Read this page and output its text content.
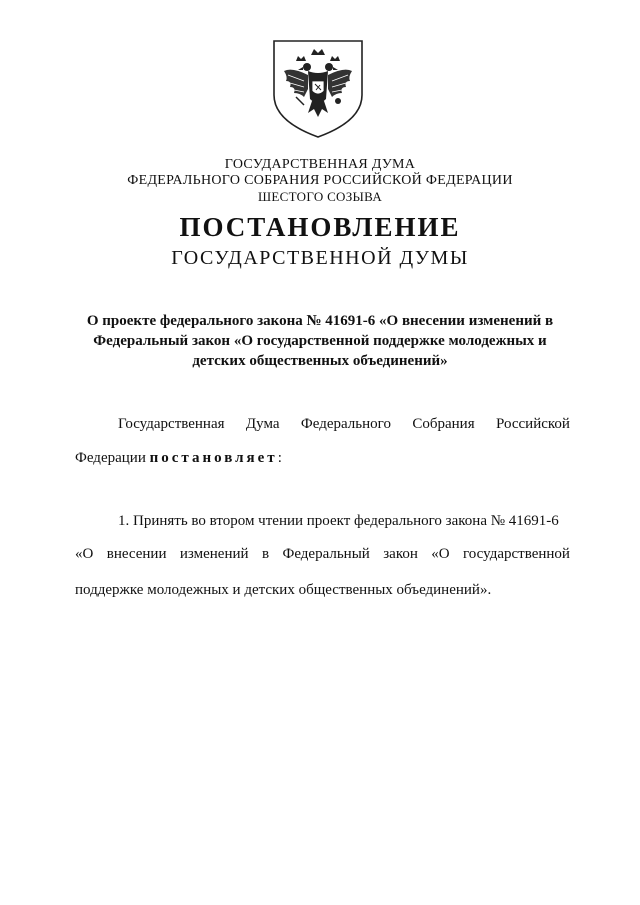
ГОСУДАРСТВЕННАЯ ДУМА
ФЕДЕРАЛЬНОГО СОБРАНИЯ РОССИЙСКОЙ ФЕДЕРАЦИИ
ШЕСТОГО СОЗЫВА
ПОСТАНОВЛЕНИЕ
ГОСУДАРСТВЕННОЙ ДУМЫ
О проекте федерального закона № 41691-6 «О внесении изменений в
Федеральный закон «О государственной поддержке молодежных и
детских общественных объединений»
Государственная Дума Федерального Собрания Российской
Федерации постановляет:
1. Принять во втором чтении проект федерального закона № 41691-6
«О внесении изменений в Федеральный закон «О государственной
поддержке молодежных и детских общественных объединений».
